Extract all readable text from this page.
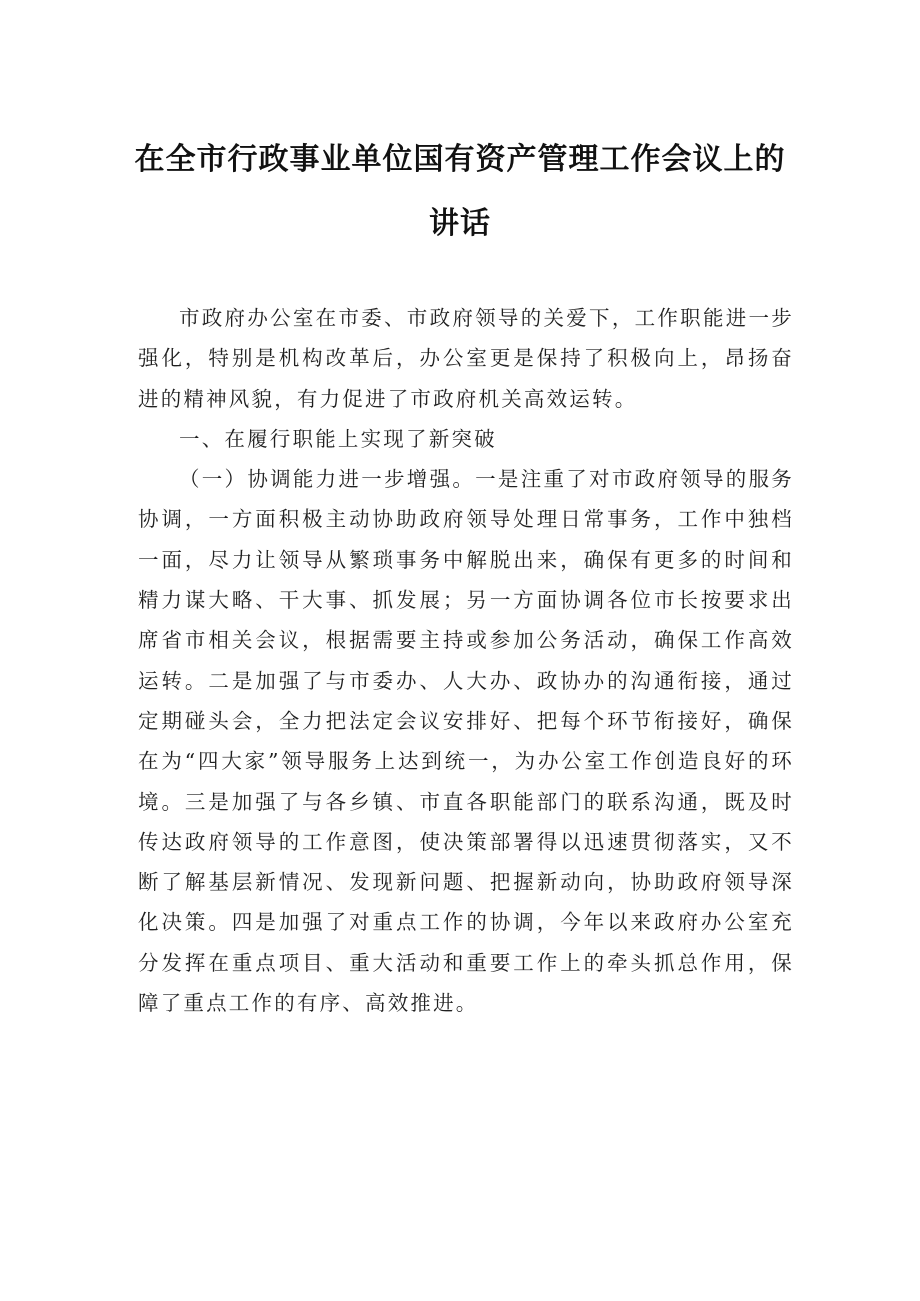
在全市行政事业单位国有资产管理工作会议上的讲话

市政府办公室在市委、市政府领导的关爱下，工作职能进一步强化，特别是机构改革后，办公室更是保持了积极向上，昂扬奋进的精神风貌，有力促进了市政府机关高效运转。

一、在履行职能上实现了新突破

（一）协调能力进一步增强。一是注重了对市政府领导的服务协调，一方面积极主动协助政府领导处理日常事务，工作中独档一面，尽力让领导从繁琐事务中解脱出来，确保有更多的时间和精力谋大略、干大事、抓发展；另一方面协调各位市长按要求出席省市相关会议，根据需要主持或参加公务活动，确保工作高效运转。二是加强了与市委办、人大办、政协办的沟通衔接，通过定期碰头会，全力把法定会议安排好、把每个环节衔接好，确保在为“四大家”领导服务上达到统一，为办公室工作创造良好的环境。三是加强了与各乡镇、市直各职能部门的联系沟通，既及时传达政府领导的工作意图，使决策部署得以迅速贯彻落实，又不断了解基层新情况、发现新问题、把握新动向，协助政府领导深化决策。四是加强了对重点工作的协调，今年以来政府办公室充分发挥在重点项目、重大活动和重要工作上的牵头抓总作用，保障了重点工作的有序、高效推进。
